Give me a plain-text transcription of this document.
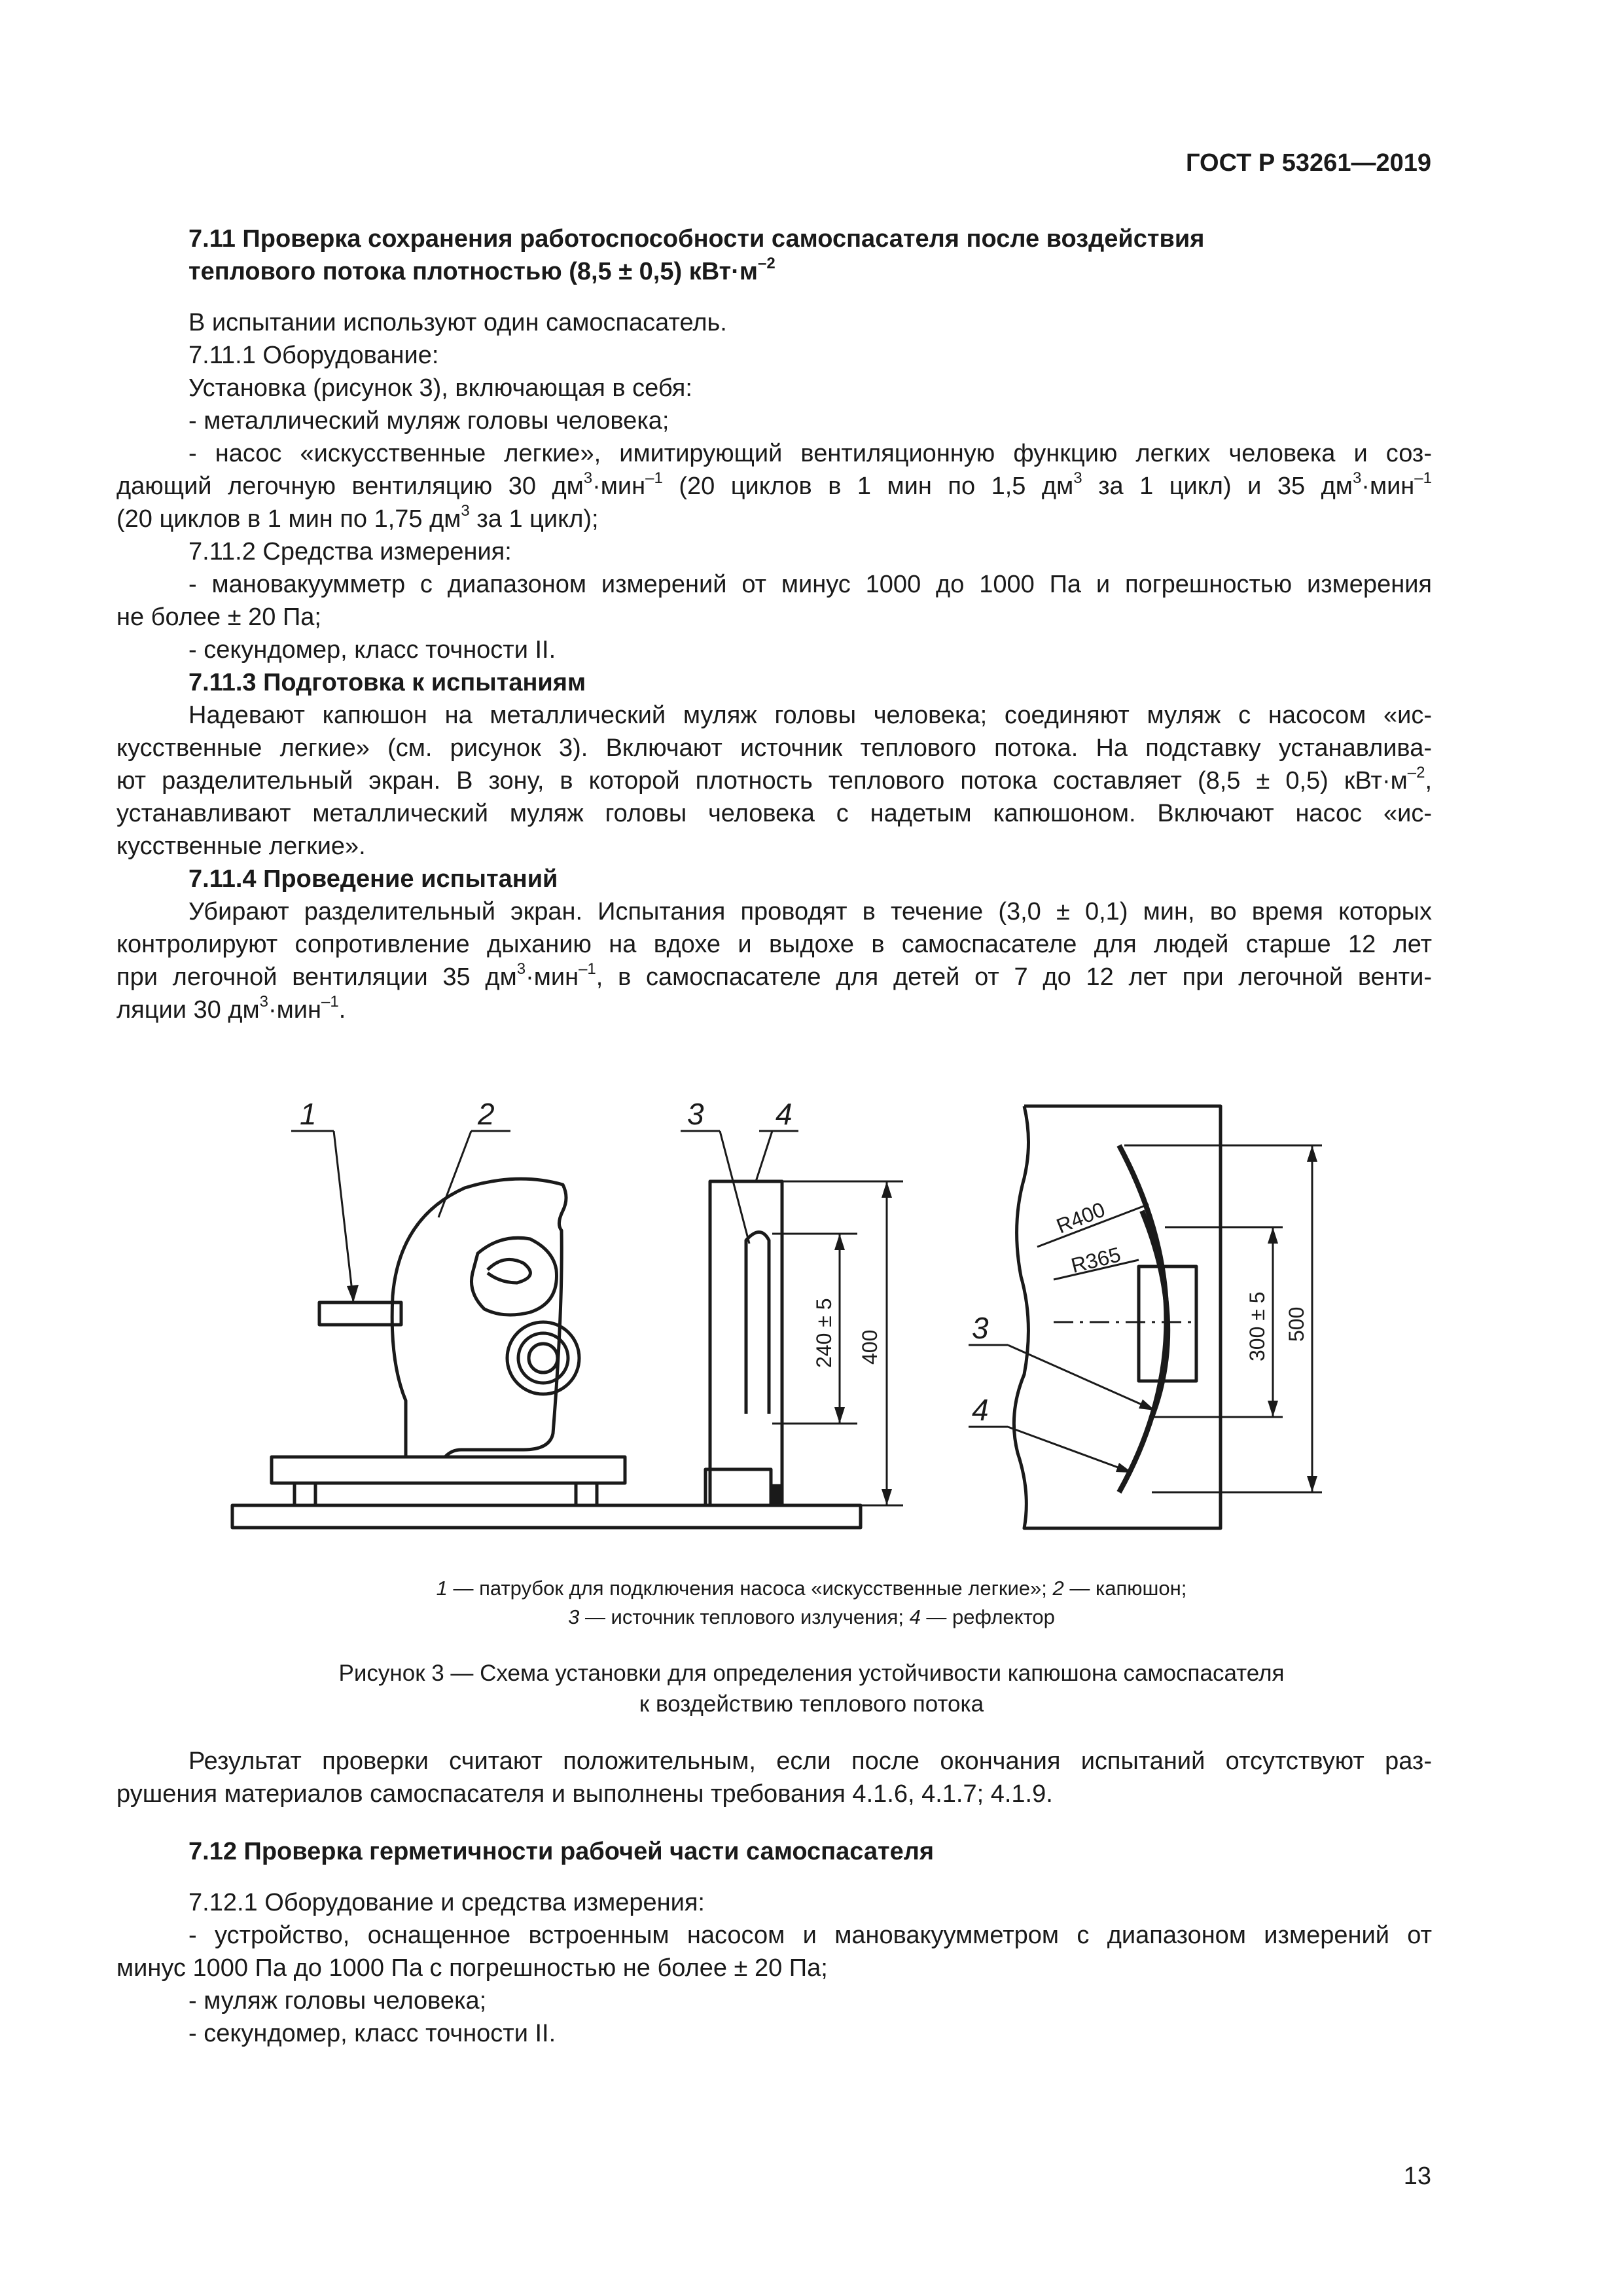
ГОСТ Р 53261—2019

7.11 Проверка сохранения работоспособности самоспасателя после воздействия

теплового потока плотностью (8,5 ± 0,5) $кВт\cdot м^{-2}$

В испытании используют один самоспасатель.

7.11.1 Оборудование:

Установка (рисунок 3), включающая в себя:

- металлический муляж головы человека;

- насос «искусственные легкие», имитирующий вентиляционную функцию легких человека и соз-

дающий легочную вентиляцию 30 $дм^3\cdot мин^{-1}$ (20 циклов в 1 мин по 1,5 $дм^3$ за 1 цикл) и 35 $дм^3\cdot мин^{-1}$

(20 циклов в 1 мин по 1,75 $дм^3$ за 1 цикл);

7.11.2 Средства измерения:

- мановакуумметр с диапазоном измерений от минус 1000 до 1000 Па и погрешностью измерения

не более ± 20 Па;

- секундомер, класс точности II.

7.11.3 Подготовка к испытаниям

Надевают капюшон на металлический муляж головы человека; соединяют муляж с насосом «ис-

кусственные легкие» (см. рисунок 3). Включают источник теплового потока. На подставку устанавлива-

ют разделительный экран. В зону, в которой плотность теплового потока составляет (8,5 ± 0,5) $кВт\cdot м^{-2}$,

устанавливают металлический муляж головы человека с надетым капюшоном. Включают насос «ис-

кусственные легкие».

7.11.4 Проведение испытаний

Убирают разделительный экран. Испытания проводят в течение (3,0 ± 0,1) мин, во время которых

контролируют сопротивление дыханию на вдохе и выдохе в самоспасателе для людей старше 12 лет

при легочной вентиляции 35 $дм^3\cdot мин^{-1}$, в самоспасателе для детей от 7 до 12 лет при легочной венти-

ляции 30 $дм^3\cdot мин^{-1}$.

1	2	3 4
3
4
240 ± 5 400	300 ± 5 500
R400
R365

1 — патрубок для подключения насоса «искусственные легкие»; 2 — капюшон;

3 — источник теплового излучения; 4 — рефлектор

Рисунок 3 — Схема установки для определения устойчивости капюшона самоспасателя

к воздействию теплового потока

Результат проверки считают положительным, если после окончания испытаний отсутствуют раз-

рушения материалов самоспасателя и выполнены требования 4.1.6, 4.1.7; 4.1.9.

7.12 Проверка герметичности рабочей части самоспасателя

7.12.1 Оборудование и средства измерения:

- устройство, оснащенное встроенным насосом и мановакуумметром с диапазоном измерений от

минус 1000 Па до 1000 Па с погрешностью не более ± 20 Па;

- муляж головы человека;

- секундомер, класс точности II.

13
